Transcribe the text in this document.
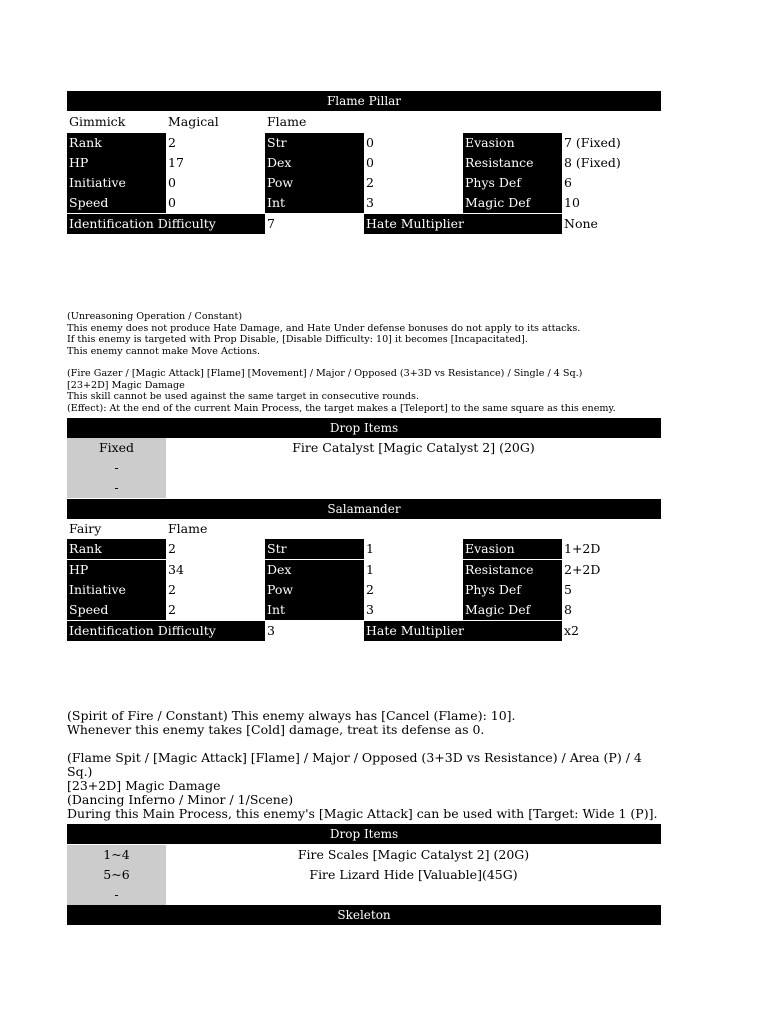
Flame Pillar
Gimmick	Magical	Flame
Rank	2	Str	0	Evasion	7 (Fixed)
HP	17	Dex	0	Resistance	8 (Fixed)
Initiative	0	Pow	2	Phys Def	6
Speed	0	Int	3	Magic Def	10
Identification Difficulty	7	Hate Multiplier	None
(Unreasoning Operation / Constant)
This enemy does not produce Hate Damage, and Hate Under defense bonuses do not apply to its attacks.
If this enemy is targeted with Prop Disable, [Disable Difficulty: 10] it becomes [Incapacitated].
This enemy cannot make Move Actions.
(Fire Gazer / [Magic Attack] [Flame] [Movement] / Major / Opposed (3+3D vs Resistance) / Single / 4 Sq.)
[23+2D] Magic Damage
This skill cannot be used against the same target in consecutive rounds.
(Effect): At the end of the current Main Process, the target makes a [Teleport] to the same square as this enemy.
Drop Items
Fixed	Fire Catalyst [Magic Catalyst 2] (20G)
-
-
Salamander
Fairy	Flame
Rank	2	Str	1	Evasion	1+2D
HP	34	Dex	1	Resistance	2+2D
Initiative	2	Pow	2	Phys Def	5
Speed	2	Int	3	Magic Def	8
Identification Difficulty	3	Hate Multiplier	x2
(Spirit of Fire / Constant) This enemy always has [Cancel (Flame): 10].
Whenever this enemy takes [Cold] damage, treat its defense as 0.
(Flame Spit / [Magic Attack] [Flame] / Major / Opposed (3+3D vs Resistance) / Area (P) / 4 Sq.)
[23+2D] Magic Damage
(Dancing Inferno / Minor / 1/Scene)
During this Main Process, this enemy's [Magic Attack] can be used with [Target: Wide 1 (P)].
Drop Items
1~4	Fire Scales [Magic Catalyst 2] (20G)
5~6	Fire Lizard Hide [Valuable](45G)
-
Skeleton
